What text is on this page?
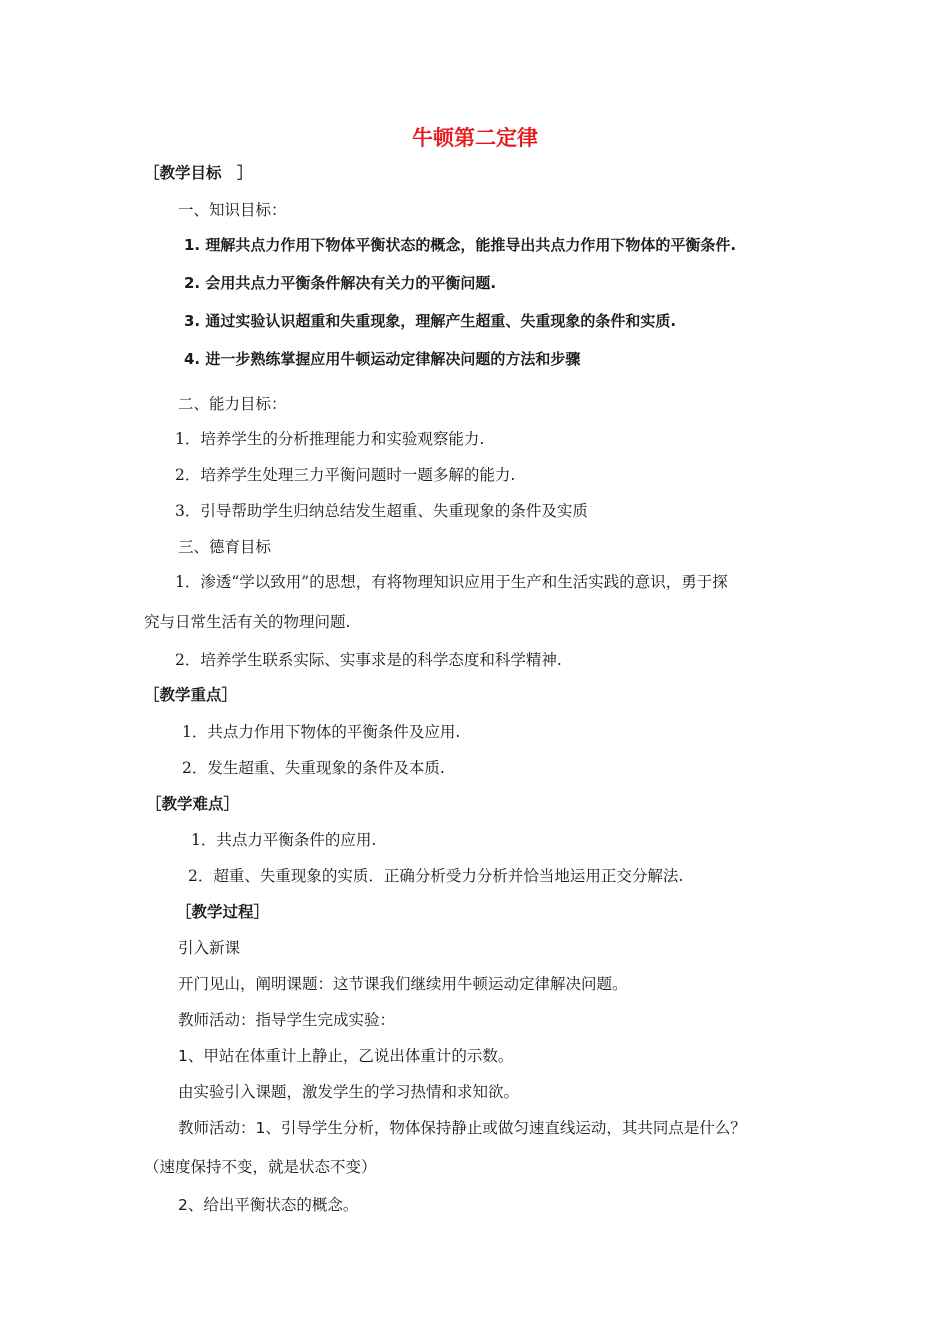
牛顿第二定律
［教学目标　］
一、知识目标：
1. 理解共点力作用下物体平衡状态的概念，能推导出共点力作用下物体的平衡条件.
2. 会用共点力平衡条件解决有关力的平衡问题.
3. 通过实验认识超重和失重现象，理解产生超重、失重现象的条件和实质.
4. 进一步熟练掌握应用牛顿运动定律解决问题的方法和步骤
二、能力目标：
1．培养学生的分析推理能力和实验观察能力.
2．培养学生处理三力平衡问题时一题多解的能力.
3．引导帮助学生归纳总结发生超重、失重现象的条件及实质
三、德育目标
1．渗透“学以致用”的思想，有将物理知识应用于生产和生活实践的意识，勇于探
究与日常生活有关的物理问题.
2．培养学生联系实际、实事求是的科学态度和科学精神.
［教学重点］
1．共点力作用下物体的平衡条件及应用.
2．发生超重、失重现象的条件及本质.
［教学难点］
1．共点力平衡条件的应用.
2．超重、失重现象的实质．正确分析受力分析并恰当地运用正交分解法.
［教学过程］
引入新课
开门见山，阐明课题：这节课我们继续用牛顿运动定律解决问题。
教师活动：指导学生完成实验：
1、甲站在体重计上静止，乙说出体重计的示数。
由实验引入课题，激发学生的学习热情和求知欲。
教师活动：1、引导学生分析，物体保持静止或做匀速直线运动，其共同点是什么？
（速度保持不变，就是状态不变）
2、给出平衡状态的概念。
